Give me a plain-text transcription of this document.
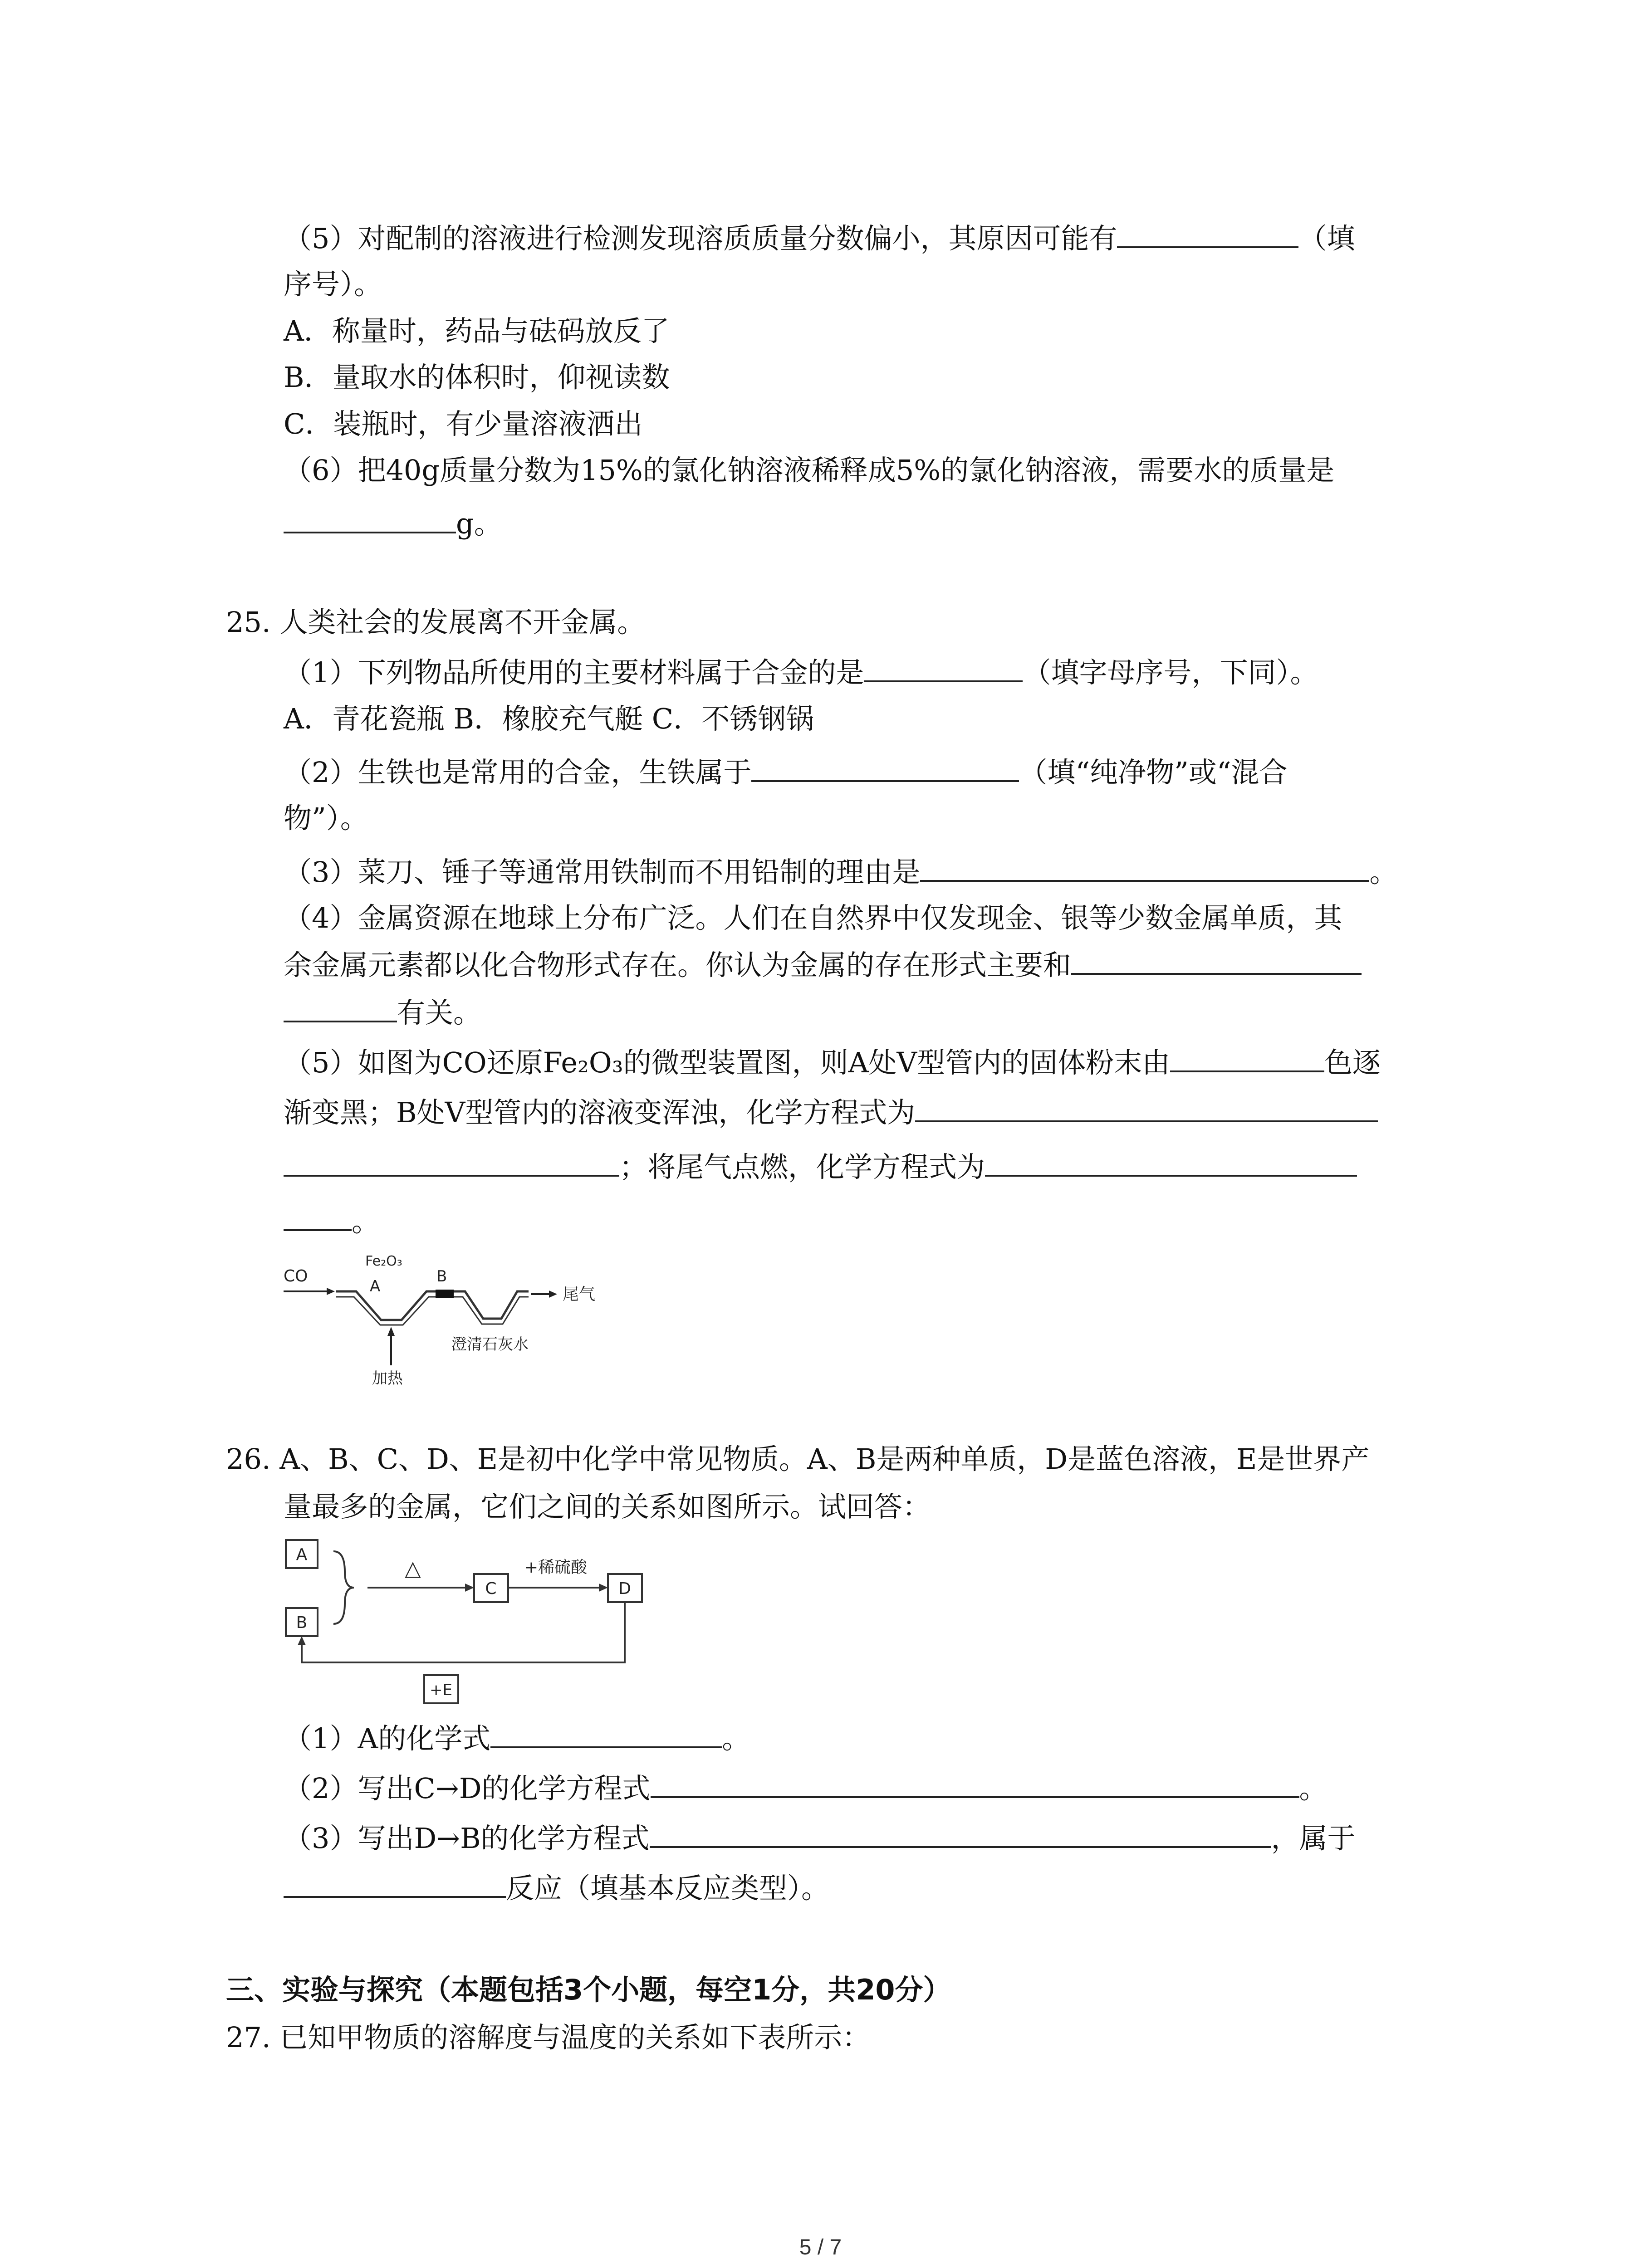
（5）对配制的溶液进行检测发现溶质质量分数偏小，其原因可能有	（填
序号）。
A．称量时，药品与砝码放反了
B．量取水的体积时，仰视读数
C．装瓶时，有少量溶液洒出
（6）把40g质量分数为15%的氯化钠溶液稀释成5%的氯化钠溶液，需要水的质量是
g。
25. 人类社会的发展离不开金属。
（1）下列物品所使用的主要材料属于合金的是	（填字母序号，下同）。
A．青花瓷瓶 B．橡胶充气艇 C．不锈钢锅
（2）生铁也是常用的合金，生铁属于	（填“纯净物”或“混合
物”）。
（3）菜刀、锤子等通常用铁制而不用铅制的理由是	。
（4）金属资源在地球上分布广泛。人们在自然界中仅发现金、银等少数金属单质，其
余金属元素都以化合物形式存在。你认为金属的存在形式主要和
有关。
（5）如图为CO还原Fe₂O₃的微型装置图，则A处V型管内的固体粉末由	色逐
渐变黑；B处V型管内的溶液变浑浊，化学方程式为
；将尾气点燃，化学方程式为
。
CO
Fe₂O₃
A
B
尾气
澄清石灰水
加热
26. A、B、C、D、E是初中化学中常见物质。A、B是两种单质，D是蓝色溶液，E是世界产
量最多的金属，它们之间的关系如图所示。试回答：
A
B
△
C
+稀硫酸
D
+E
（1）A的化学式	。
（2）写出C→D的化学方程式	。
（3）写出D→B的化学方程式	，属于
反应（填基本反应类型）。
三、实验与探究（本题包括3个小题，每空1分，共20分）
27. 已知甲物质的溶解度与温度的关系如下表所示：
5 / 7
